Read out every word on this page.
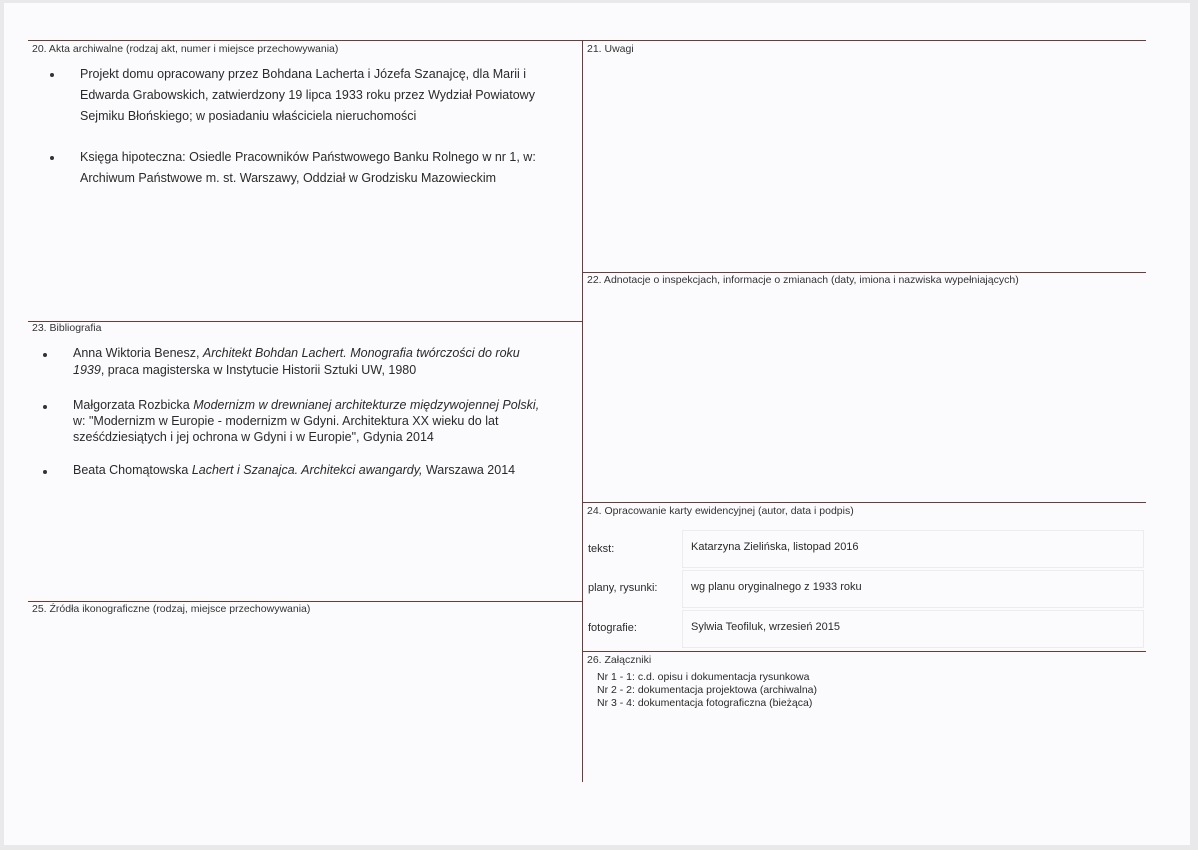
20. Akta archiwalne (rodzaj akt, numer i miejsce przechowywania)
Projekt domu opracowany przez Bohdana Lacherta i Józefa Szanajcę, dla Marii i
Edwarda Grabowskich, zatwierdzony 19 lipca 1933 roku przez Wydział Powiatowy
Sejmiku Błońskiego; w posiadaniu właściciela nieruchomości
Księga hipoteczna: Osiedle Pracowników Państwowego Banku Rolnego w nr 1, w:
Archiwum Państwowe m. st. Warszawy, Oddział w Grodzisku Mazowieckim
21. Uwagi
22. Adnotacje o inspekcjach, informacje o zmianach (daty, imiona i nazwiska wypełniających)
23. Bibliografia
Anna Wiktoria Benesz, Architekt Bohdan Lachert. Monografia twórczości do roku
1939, praca magisterska w Instytucie Historii Sztuki UW, 1980
Małgorzata Rozbicka Modernizm w drewnianej architekturze międzywojennej Polski,
w: "Modernizm w Europie - modernizm w Gdyni. Architektura XX wieku do lat
sześćdziesiątych i jej ochrona w Gdyni i w Europie", Gdynia 2014
Beata Chomątowska Lachert i Szanajca. Architekci awangardy, Warszawa 2014
24. Opracowanie karty ewidencyjnej (autor, data i podpis)
tekst:	Katarzyna Zielińska, listopad 2016
plany, rysunki:	wg planu oryginalnego z 1933 roku
fotografie:	Sylwia Teofiluk, wrzesień 2015
25. Źródła ikonograficzne (rodzaj, miejsce przechowywania)
26. Załączniki
Nr 1 - 1: c.d. opisu i dokumentacja rysunkowa
Nr 2 - 2: dokumentacja projektowa (archiwalna)
Nr 3 - 4: dokumentacja fotograficzna (bieżąca)
